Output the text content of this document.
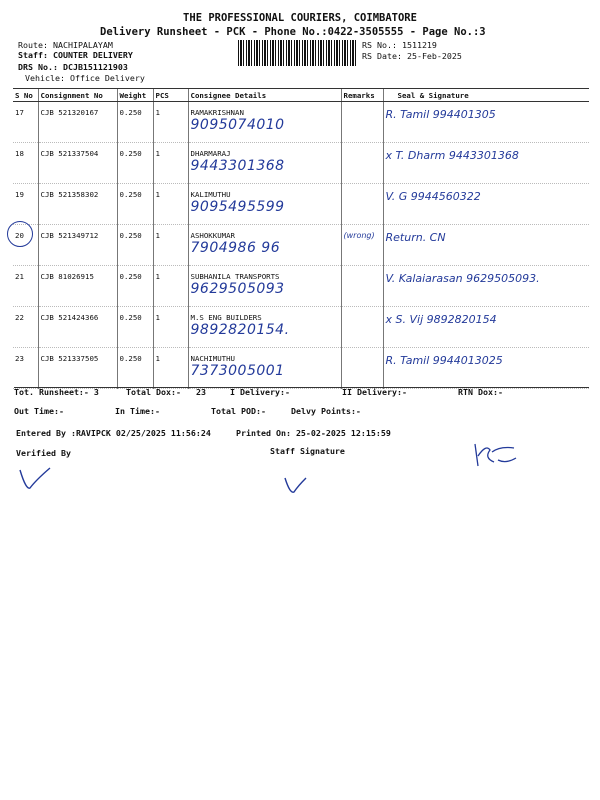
THE PROFESSIONAL COURIERS, COIMBATORE
Delivery Runsheet - PCK - Phone No.:0422-3505555 - Page No.:3
Route: NACHIPALAYAM
Staff: COUNTER DELIVERY
DRS No.: DCJB151121903
Vehicle: Office Delivery
RS No.: 1511219
RS Date: 25-Feb-2025
S No	Consignment No	Weight	PCS	Consignee Details	Remarks	Seal & Signature
17	CJB 521320167	0.250	1	RAMAKRISHNAN
9095074010		R. Tamil 994401305
18	CJB 521337504	0.250	1	DHARMARAJ
9443301368		x T. Dharm 9443301368
19	CJB 521358302	0.250	1	KALIMUTHU
9095495599		V. G 9944560322
20	CJB 521349712	0.250	1	ASHOKKUMAR
7904986 96	(wrong)	Return. CN
21	CJB 81026915	0.250	1	SUBHANILA TRANSPORTS
9629505093		V. Kalaiarasan 9629505093.
22	CJB 521424366	0.250	1	M.S ENG BUILDERS
9892820154.		x S. Vij 9892820154
23	CJB 521337505	0.250	1	NACHIMUTHU
7373005001		R. Tamil 9944013025
Tot. Runsheet:- 3	Total Dox:- 23	I Delivery:-	II Delivery:-	RTN Dox:-
Out Time:-	In Time:-	Total POD:-	Delvy Points:-
Entered By :RAVIPCK 02/25/2025 11:56:24	Printed On: 25-02-2025 12:15:59
Verified By	Staff Signature
